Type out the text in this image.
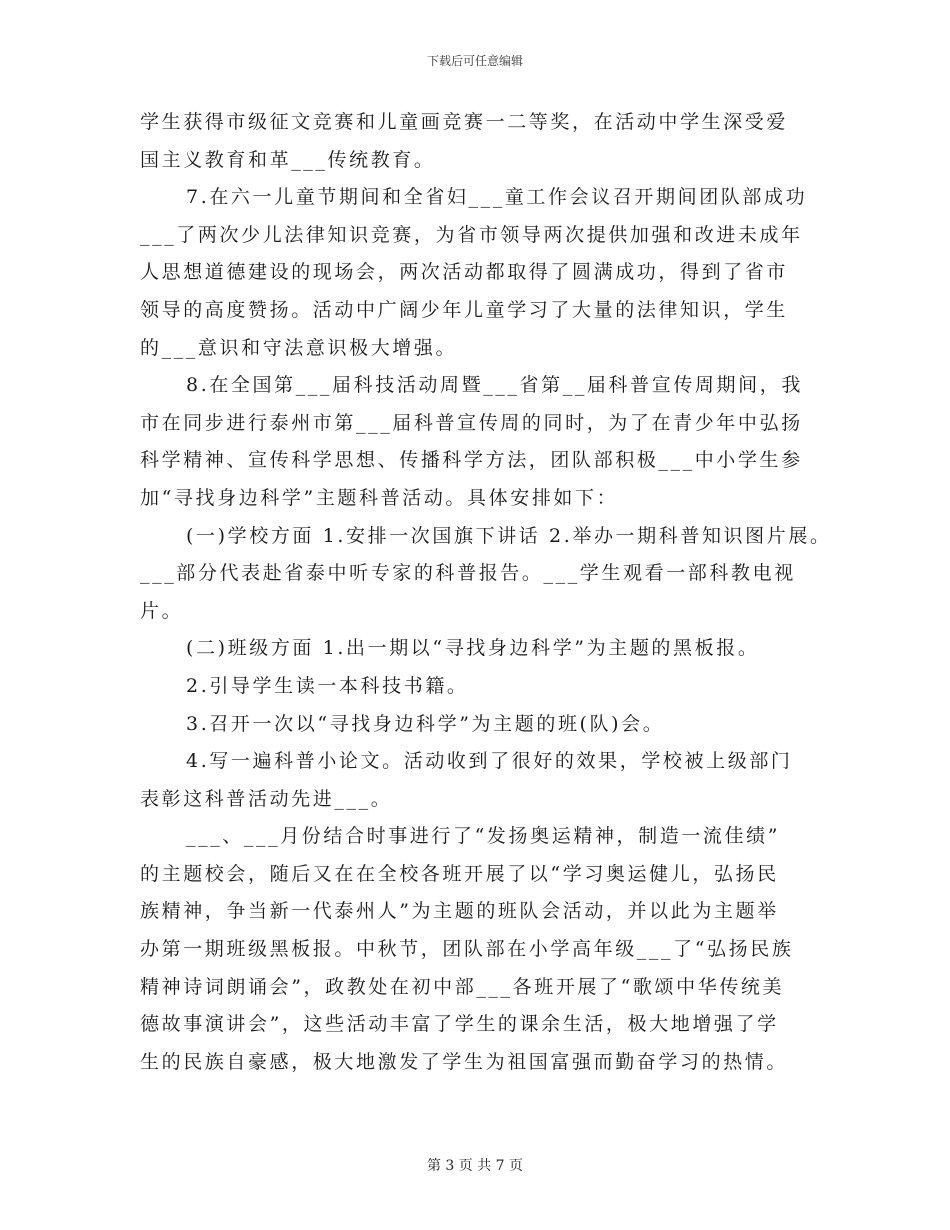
下载后可任意编辑
学生获得市级征文竞赛和儿童画竞赛一二等奖，在活动中学生深受爱
国主义教育和革___传统教育。
7.在六一儿童节期间和全省妇___童工作会议召开期间团队部成功
___了两次少儿法律知识竞赛，为省市领导两次提供加强和改进未成年
人思想道德建设的现场会，两次活动都取得了圆满成功，得到了省市
领导的高度赞扬。活动中广阔少年儿童学习了大量的法律知识，学生
的___意识和守法意识极大增强。
8.在全国第___届科技活动周暨___省第__届科普宣传周期间，我
市在同步进行泰州市第___届科普宣传周的同时，为了在青少年中弘扬
科学精神、宣传科学思想、传播科学方法，团队部积极___中小学生参
加“寻找身边科学”主题科普活动。具体安排如下：
(一)学校方面 1.安排一次国旗下讲话 2.举办一期科普知识图片展。
___部分代表赴省泰中听专家的科普报告。___学生观看一部科教电视
片。
(二)班级方面 1.出一期以“寻找身边科学”为主题的黑板报。
2.引导学生读一本科技书籍。
3.召开一次以“寻找身边科学”为主题的班(队)会。
4.写一遍科普小论文。活动收到了很好的效果，学校被上级部门
表彰这科普活动先进___。
___、___月份结合时事进行了“发扬奥运精神，制造一流佳绩”
的主题校会，随后又在在全校各班开展了以“学习奥运健儿，弘扬民
族精神，争当新一代泰州人”为主题的班队会活动，并以此为主题举
办第一期班级黑板报。中秋节，团队部在小学高年级___了“弘扬民族
精神诗词朗诵会”，政教处在初中部___各班开展了“歌颂中华传统美
德故事演讲会”，这些活动丰富了学生的课余生活，极大地增强了学
生的民族自豪感，极大地激发了学生为祖国富强而勤奋学习的热情。
第 3 页 共 7 页
